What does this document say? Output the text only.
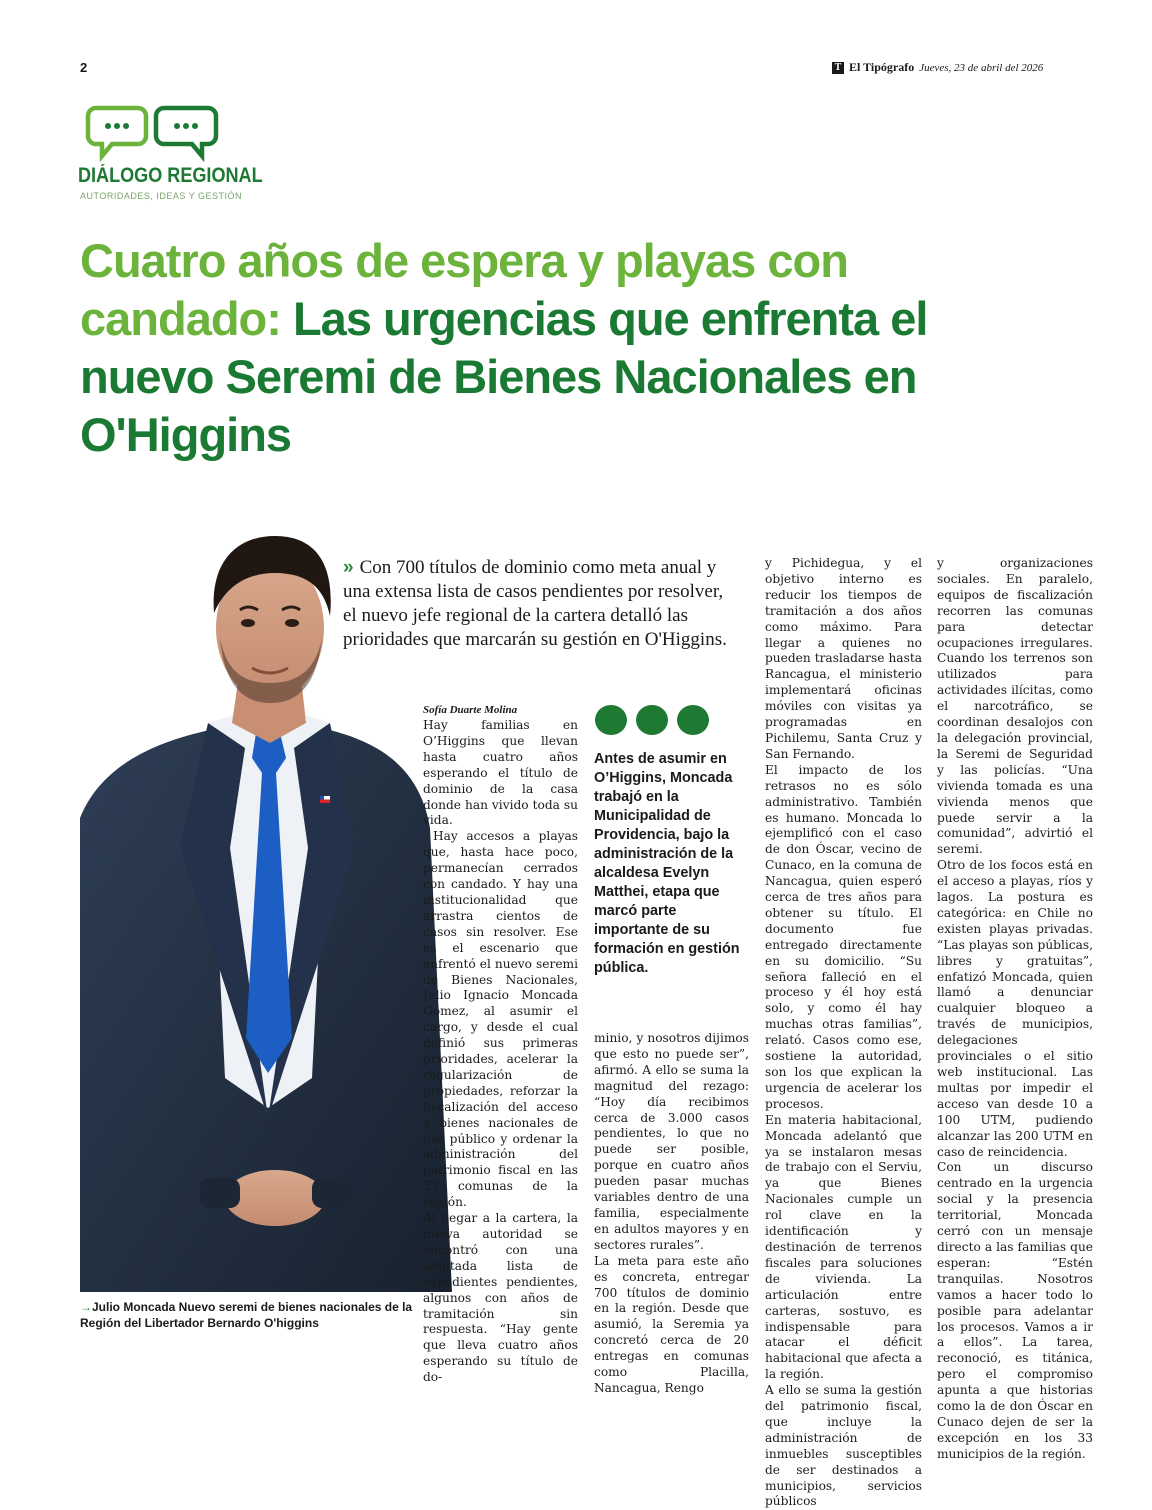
2	T El Tipógrafo Jueves, 23 de abril del 2026
DIÁLOGO REGIONAL
AUTORIDADES, IDEAS Y GESTIÓN
Cuatro años de espera y playas con candado: Las urgencias que enfrenta el nuevo Seremi de Bienes Nacionales en O'Higgins
→Julio Moncada Nuevo seremi de bienes nacionales de la Región del Libertador Bernardo O'higgins
» Con 700 títulos de dominio como meta anual y una extensa lista de casos pendientes por resolver, el nuevo jefe regional de la cartera detalló las prioridades que marcarán su gestión en O'Higgins.
Sofía Duarte Molina

Hay familias en O’Higgins que llevan hasta cuatro años esperando el título de dominio de la casa donde han vivido toda su vida.

Hay accesos a playas que, hasta hace poco, permanecían cerrados con candado. Y hay una institucionalidad que arrastra cientos de casos sin resolver. Ese es el escenario que enfrentó el nuevo seremi de Bienes Nacionales, Julio Ignacio Moncada Gómez, al asumir el cargo, y desde el cual definió sus primeras prioridades, acelerar la regularización de propiedades, reforzar la fiscalización del acceso a bienes nacionales de uso público y ordenar la administración del patrimonio fiscal en las 33 comunas de la región.

Al llegar a la cartera, la nueva autoridad se encontró con una abultada lista de expedientes pendientes, algunos con años de tramitación sin respuesta. “Hay gente que lleva cuatro años esperando su título de do-

Antes de asumir en O’Higgins, Moncada trabajó en la Municipalidad de Providencia, bajo la administración de la alcaldesa Evelyn Matthei, etapa que marcó parte importante de su formación en gestión pública.

minio, y nosotros dijimos que esto no puede ser”, afirmó. A ello se suma la magnitud del rezago: “Hoy día recibimos cerca de 3.000 casos pendientes, lo que no puede ser posible, porque en cuatro años pueden pasar muchas variables dentro de una familia, especialmente en adultos mayores y en sectores rurales”.

La meta para este año es concreta, entregar 700 títulos de dominio en la región. Desde que asumió, la Seremia ya concretó cerca de 20 entregas en comunas como Placilla, Nancagua, Rengo

y Pichidegua, y el objetivo interno es reducir los tiempos de tramitación a dos años como máximo. Para llegar a quienes no pueden trasladarse hasta Rancagua, el ministerio implementará oficinas móviles con visitas ya programadas en Pichilemu, Santa Cruz y San Fernando.

El impacto de los retrasos no es sólo administrativo. También es humano. Moncada lo ejemplificó con el caso de don Óscar, vecino de Cunaco, en la comuna de Nancagua, quien esperó cerca de tres años para obtener su título. El documento fue entregado directamente en su domicilio. “Su señora falleció en el proceso y él hoy está solo, y como él hay muchas otras familias”, relató. Casos como ese, sostiene la autoridad, son los que explican la urgencia de acelerar los procesos.

En materia habitacional, Moncada adelantó que ya se instalaron mesas de trabajo con el Serviu, ya que Bienes Nacionales cumple un rol clave en la identificación y destinación de terrenos fiscales para soluciones de vivienda. La articulación entre carteras, sostuvo, es indispensable para atacar el déficit habitacional que afecta a la región.

A ello se suma la gestión del patrimonio fiscal, que incluye la administración de inmuebles susceptibles de ser destinados a municipios, servicios públicos

y organizaciones sociales. En paralelo, equipos de fiscalización recorren las comunas para detectar ocupaciones irregulares. Cuando los terrenos son utilizados para actividades ilícitas, como el narcotráfico, se coordinan desalojos con la delegación provincial, la Seremi de Seguridad y las policías. “Una vivienda tomada es una vivienda menos que puede servir a la comunidad”, advirtió el seremi.

Otro de los focos está en el acceso a playas, ríos y lagos. La postura es categórica: en Chile no existen playas privadas. “Las playas son públicas, libres y gratuitas”, enfatizó Moncada, quien llamó a denunciar cualquier bloqueo a través de municipios, delegaciones provinciales o el sitio web institucional. Las multas por impedir el acceso van desde 10 a 100 UTM, pudiendo alcanzar las 200 UTM en caso de reincidencia.

Con un discurso centrado en la urgencia social y la presencia territorial, Moncada cerró con un mensaje directo a las familias que esperan: “Estén tranquilas. Nosotros vamos a hacer todo lo posible para adelantar los procesos. Vamos a ir a ellos”. La tarea, reconoció, es titánica, pero el compromiso apunta a que historias como la de don Óscar en Cunaco dejen de ser la excepción en los 33 municipios de la región.
